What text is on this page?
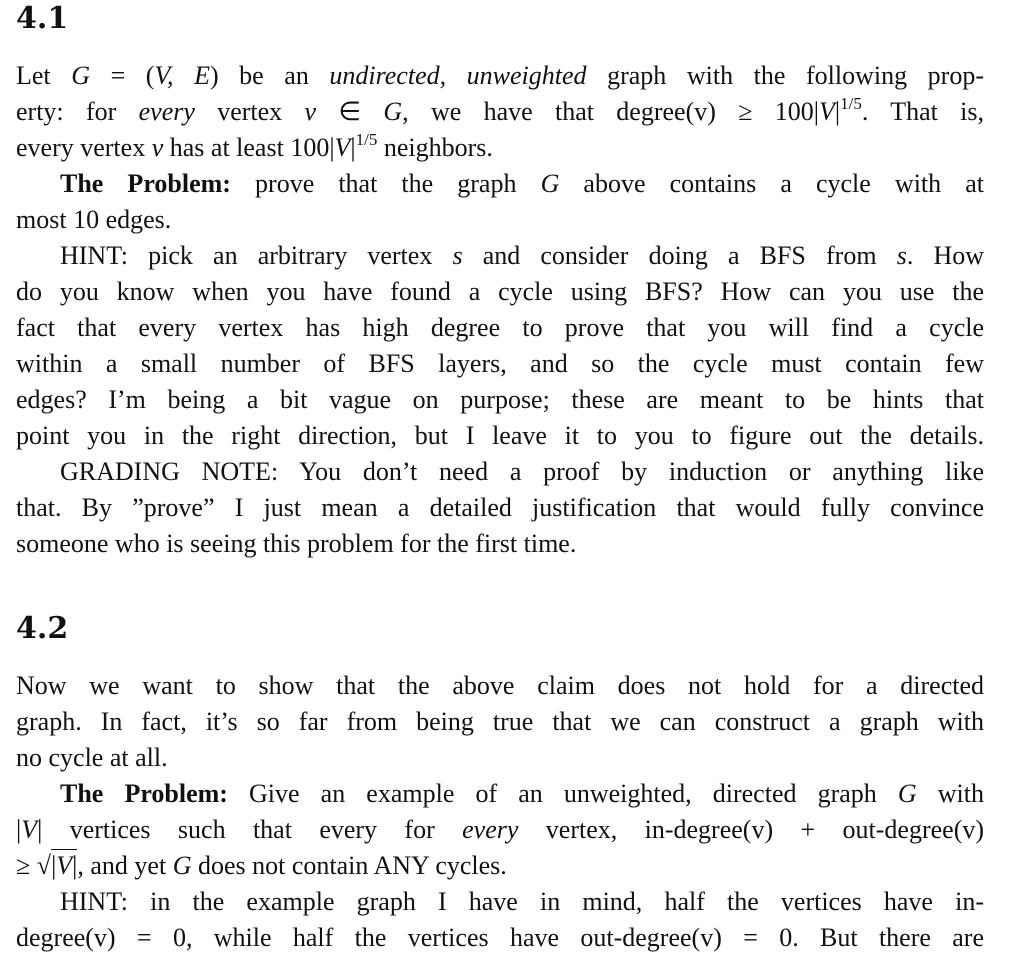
4.1
Let G = (V, E) be an undirected, unweighted graph with the following prop-
erty: for every vertex v ∈ G, we have that degree(v) ≥ $100|V|^{1/5}$. That is,
every vertex v has at least $100|V|^{1/5}$ neighbors.
The Problem: prove that the graph G above contains a cycle with at
most 10 edges.
HINT: pick an arbitrary vertex s and consider doing a BFS from s. How
do you know when you have found a cycle using BFS? How can you use the
fact that every vertex has high degree to prove that you will find a cycle
within a small number of BFS layers, and so the cycle must contain few
edges? I’m being a bit vague on purpose; these are meant to be hints that
point you in the right direction, but I leave it to you to figure out the details.
GRADING NOTE: You don’t need a proof by induction or anything like
that. By ”prove” I just mean a detailed justification that would fully convince
someone who is seeing this problem for the first time.
4.2
Now we want to show that the above claim does not hold for a directed
graph. In fact, it’s so far from being true that we can construct a graph with
no cycle at all.
The Problem: Give an example of an unweighted, directed graph G with
|V| vertices such that every for every vertex, in-degree(v) + out-degree(v)
≥ √|V|, and yet G does not contain ANY cycles.
HINT: in the example graph I have in mind, half the vertices have in-
degree(v) = 0, while half the vertices have out-degree(v) = 0. But there are
